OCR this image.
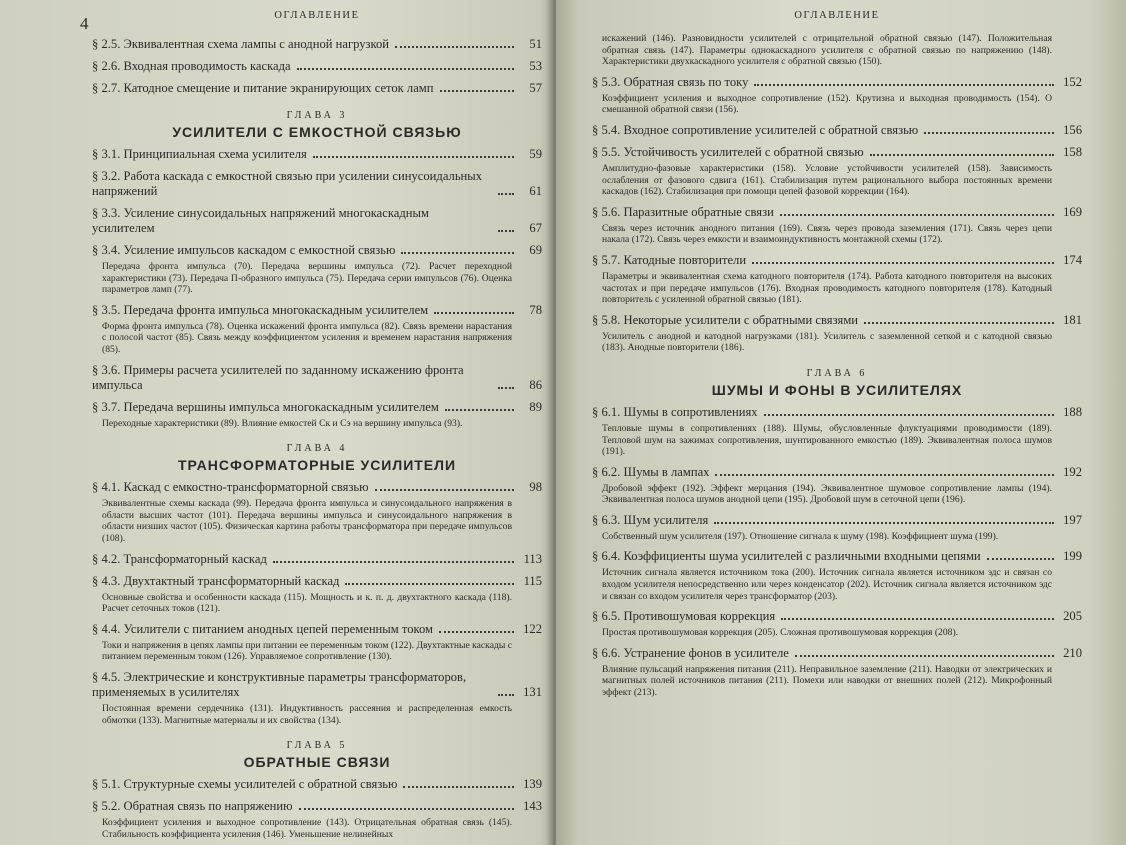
4	ОГЛАВЛЕНИЕ
§ 2.5. Эквивалентная схема лампы с анодной нагрузкой	51
§ 2.6. Входная проводимость каскада	53
§ 2.7. Катодное смещение и питание экранирующих сеток ламп	57
ГЛАВА 3
УСИЛИТЕЛИ С ЕМКОСТНОЙ СВЯЗЬЮ
§ 3.1. Принципиальная схема усилителя	59
§ 3.2. Работа каскада с емкостной связью при усилении синусоидальных напряжений	61
§ 3.3. Усиление синусоидальных напряжений многокаскадным усилителем	67
§ 3.4. Усиление импульсов каскадом с емкостной связью	69
Передача фронта импульса (70). Передача вершины импульса (72). Расчет переходной характеристики (73). Передача П-образного импульса (75). Передача серии импульсов (76). Оценка параметров ламп (77).
§ 3.5. Передача фронта импульса многокаскадным усилителем	78
Форма фронта импульса (78). Оценка искажений фронта импульса (82). Связь времени нарастания с полосой частот (85). Связь между коэффициентом усиления и временем нарастания напряжения (85).
§ 3.6. Примеры расчета усилителей по заданному искажению фронта импульса	86
§ 3.7. Передача вершины импульса многокаскадным усилителем	89
Переходные характеристики (89). Влияние емкостей Cк и Cэ на вершину импульса (93).
ГЛАВА 4
ТРАНСФОРМАТОРНЫЕ УСИЛИТЕЛИ
§ 4.1. Каскад с емкостно-трансформаторной связью	98
Эквивалентные схемы каскада (99). Передача фронта импульса и синусоидального напряжения в области высших частот (101). Передача вершины импульса и синусоидального напряжения в области низших частот (105). Физическая картина работы трансформатора при передаче импульсов (108).
§ 4.2. Трансформаторный каскад	113
§ 4.3. Двухтактный трансформаторный каскад	115
Основные свойства и особенности каскада (115). Мощность и к. п. д. двухтактного каскада (118). Расчет сеточных токов (121).
§ 4.4. Усилители с питанием анодных цепей переменным током	122
Токи и напряжения в цепях лампы при питании ее переменным током (122). Двухтактные каскады с питанием переменным током (126). Управляемое сопротивление (130).
§ 4.5. Электрические и конструктивные параметры трансформаторов, применяемых в усилителях	131
Постоянная времени сердечника (131). Индуктивность рассеяния и распределенная емкость обмотки (133). Магнитные материалы и их свойства (134).
ГЛАВА 5
ОБРАТНЫЕ СВЯЗИ
§ 5.1. Структурные схемы усилителей с обратной связью	139
§ 5.2. Обратная связь по напряжению	143
Коэффициент усиления и выходное сопротивление (143). Отрицательная обратная связь (145). Стабильность коэффициента усиления (146). Уменьшение нелинейных
ОГЛАВЛЕНИЕ
искажений (146). Разновидности усилителей с отрицательной обратной связью (147). Положительная обратная связь (147). Параметры однокаскадного усилителя с обратной связью по напряжению (148). Характеристики двухкаскадного усилителя с обратной связью (150).
§ 5.3. Обратная связь по току	152
Коэффициент усиления и выходное сопротивление (152). Крутизна и выходная проводимость (154). О смешанной обратной связи (156).
§ 5.4. Входное сопротивление усилителей с обратной связью	156
§ 5.5. Устойчивость усилителей с обратной связью	158
Амплитудно-фазовые характеристики (158). Условие устойчивости усилителей (158). Зависимость ослабления от фазового сдвига (161). Стабилизация путем рационального выбора постоянных времени каскадов (162). Стабилизация при помощи цепей фазовой коррекции (164).
§ 5.6. Паразитные обратные связи	169
Связь через источник анодного питания (169). Связь через провода заземления (171). Связь через цепи накала (172). Связь через емкости и взаимоиндуктивность монтажной схемы (172).
§ 5.7. Катодные повторители	174
Параметры и эквивалентная схема катодного повторителя (174). Работа катодного повторителя на высоких частотах и при передаче импульсов (176). Входная проводимость катодного повторителя (178). Катодный повторитель с усиленной обратной связью (181).
§ 5.8. Некоторые усилители с обратными связями	181
Усилитель с анодной и катодной нагрузками (181). Усилитель с заземленной сеткой и с катодной связью (183). Анодные повторители (186).
ГЛАВА 6
ШУМЫ И ФОНЫ В УСИЛИТЕЛЯХ
§ 6.1. Шумы в сопротивлениях	188
Тепловые шумы в сопротивлениях (188). Шумы, обусловленные флуктуациями проводимости (189). Тепловой шум на зажимах сопротивления, шунтированного емкостью (189). Эквивалентная полоса шумов (191).
§ 6.2. Шумы в лампах	192
Дробовой эффект (192). Эффект мерцания (194). Эквивалентное шумовое сопротивление лампы (194). Эквивалентная полоса шумов анодной цепи (195). Дробовой шум в сеточной цепи (196).
§ 6.3. Шум усилителя	197
Собственный шум усилителя (197). Отношение сигнала к шуму (198). Коэффициент шума (199).
§ 6.4. Коэффициенты шума усилителей с различными входными цепями	199
Источник сигнала является источником тока (200). Источник сигнала является источником эдс и связан со входом усилителя непосредственно или через конденсатор (202). Источник сигнала является источником эдс и связан со входом усилителя через трансформатор (203).
§ 6.5. Противошумовая коррекция	205
Простая противошумовая коррекция (205). Сложная противошумовая коррекция (208).
§ 6.6. Устранение фонов в усилителе	210
Влияние пульсаций напряжения питания (211). Неправильное заземление (211). Наводки от электрических и магнитных полей источников питания (211). Помехи или наводки от внешних полей (212). Микрофонный эффект (213).
